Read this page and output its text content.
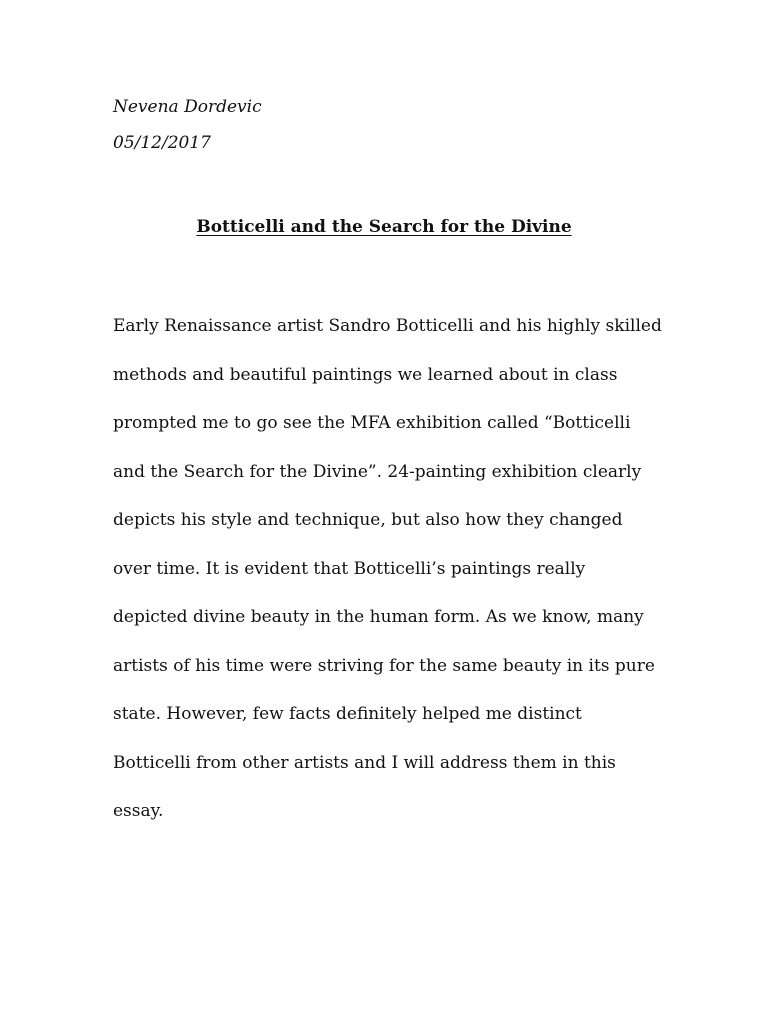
Nevena Dordevic
05/12/2017
Botticelli and the Search for the Divine
Early Renaissance artist Sandro Botticelli and his highly skilled
methods and beautiful paintings we learned about in class
prompted me to go see the MFA exhibition called “Botticelli
and the Search for the Divine”. 24-painting exhibition clearly
depicts his style and technique, but also how they changed
over time. It is evident that Botticelli’s paintings really
depicted divine beauty in the human form. As we know, many
artists of his time were striving for the same beauty in its pure
state. However, few facts definitely helped me distinct
Botticelli from other artists and I will address them in this
essay.
